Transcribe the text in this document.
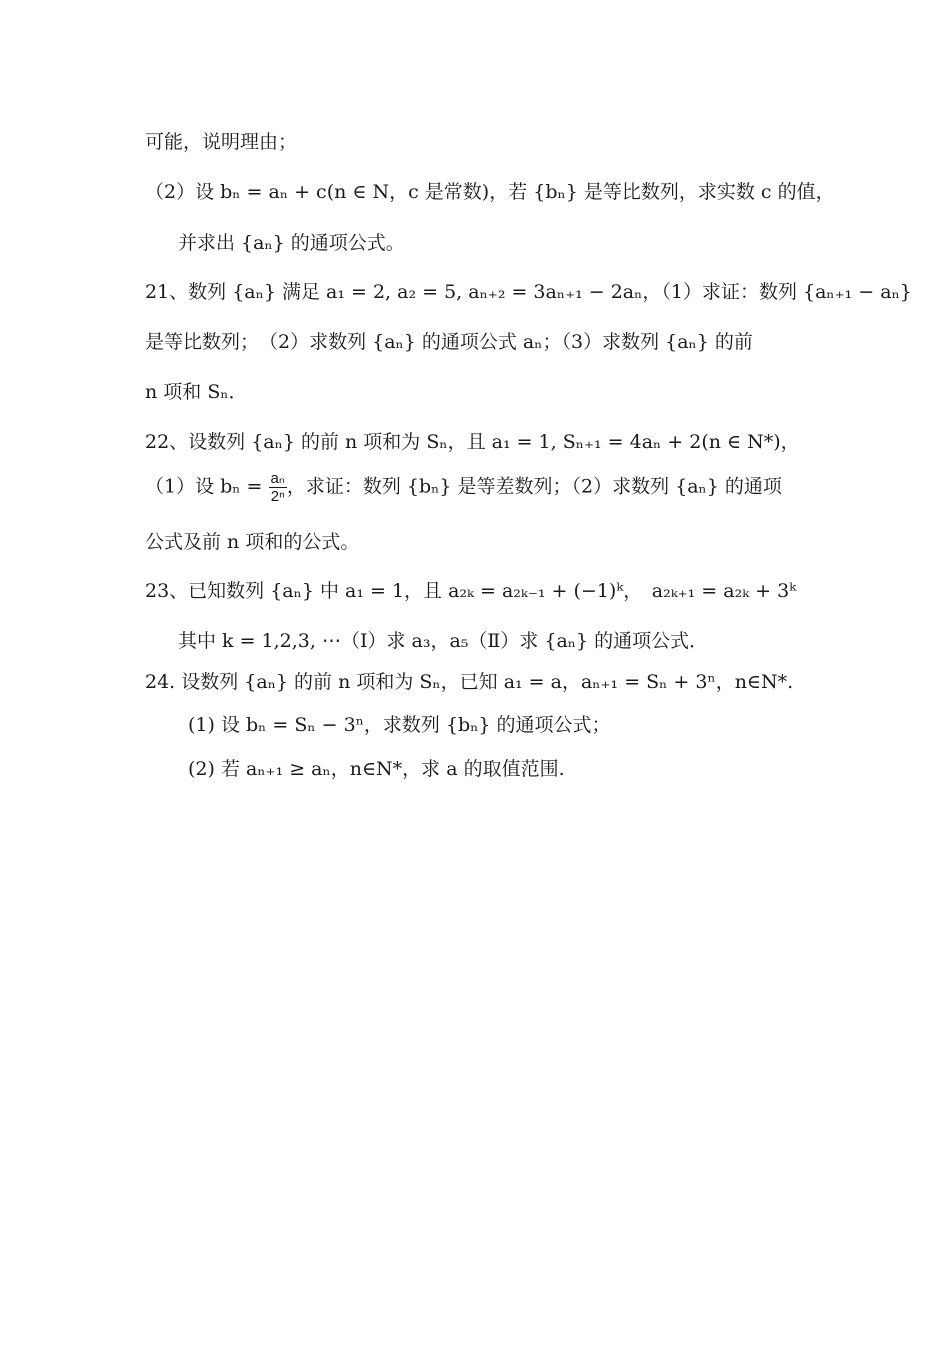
可能，说明理由；
（2）设 bₙ = aₙ + c(n ∈ N，c 是常数)，若 {bₙ} 是等比数列，求实数 c 的值，
并求出 {aₙ} 的通项公式。
21、数列 {aₙ} 满足 a₁ = 2, a₂ = 5, aₙ₊₂ = 3aₙ₊₁ − 2aₙ，（1）求证：数列 {aₙ₊₁ − aₙ}
是等比数列；　（2）求数列 {aₙ} 的通项公式 aₙ；（3）求数列 {aₙ} 的前
n 项和 Sₙ．
22、设数列 {aₙ} 的前 n 项和为 Sₙ，且 a₁ = 1, Sₙ₊₁ = 4aₙ + 2(n ∈ N*)，
（1）设 $b_n = \frac{\text{aₙ}}{\text{2ⁿ}}$ ，求证：数列 {bₙ} 是等差数列；（2）求数列 {aₙ} 的通项
公式及前 n 项和的公式。
23、已知数列 {aₙ} 中 a₁ = 1，且 a₂ₖ = a₂ₖ₋₁ + (−1)ᵏ，　a₂ₖ₊₁ = a₂ₖ + 3ᵏ
其中 k = 1,2,3, ⋯（Ⅰ）求 a₃，a₅（Ⅱ）求 {aₙ} 的通项公式．
24. 设数列 {aₙ} 的前 n 项和为 Sₙ，已知 a₁ = a，aₙ₊₁ = Sₙ + 3ⁿ，n∈N*.
(1) 设 bₙ = Sₙ − 3ⁿ，求数列 {bₙ} 的通项公式；
(2) 若 aₙ₊₁ ≥ aₙ，n∈N*，求 a 的取值范围.
